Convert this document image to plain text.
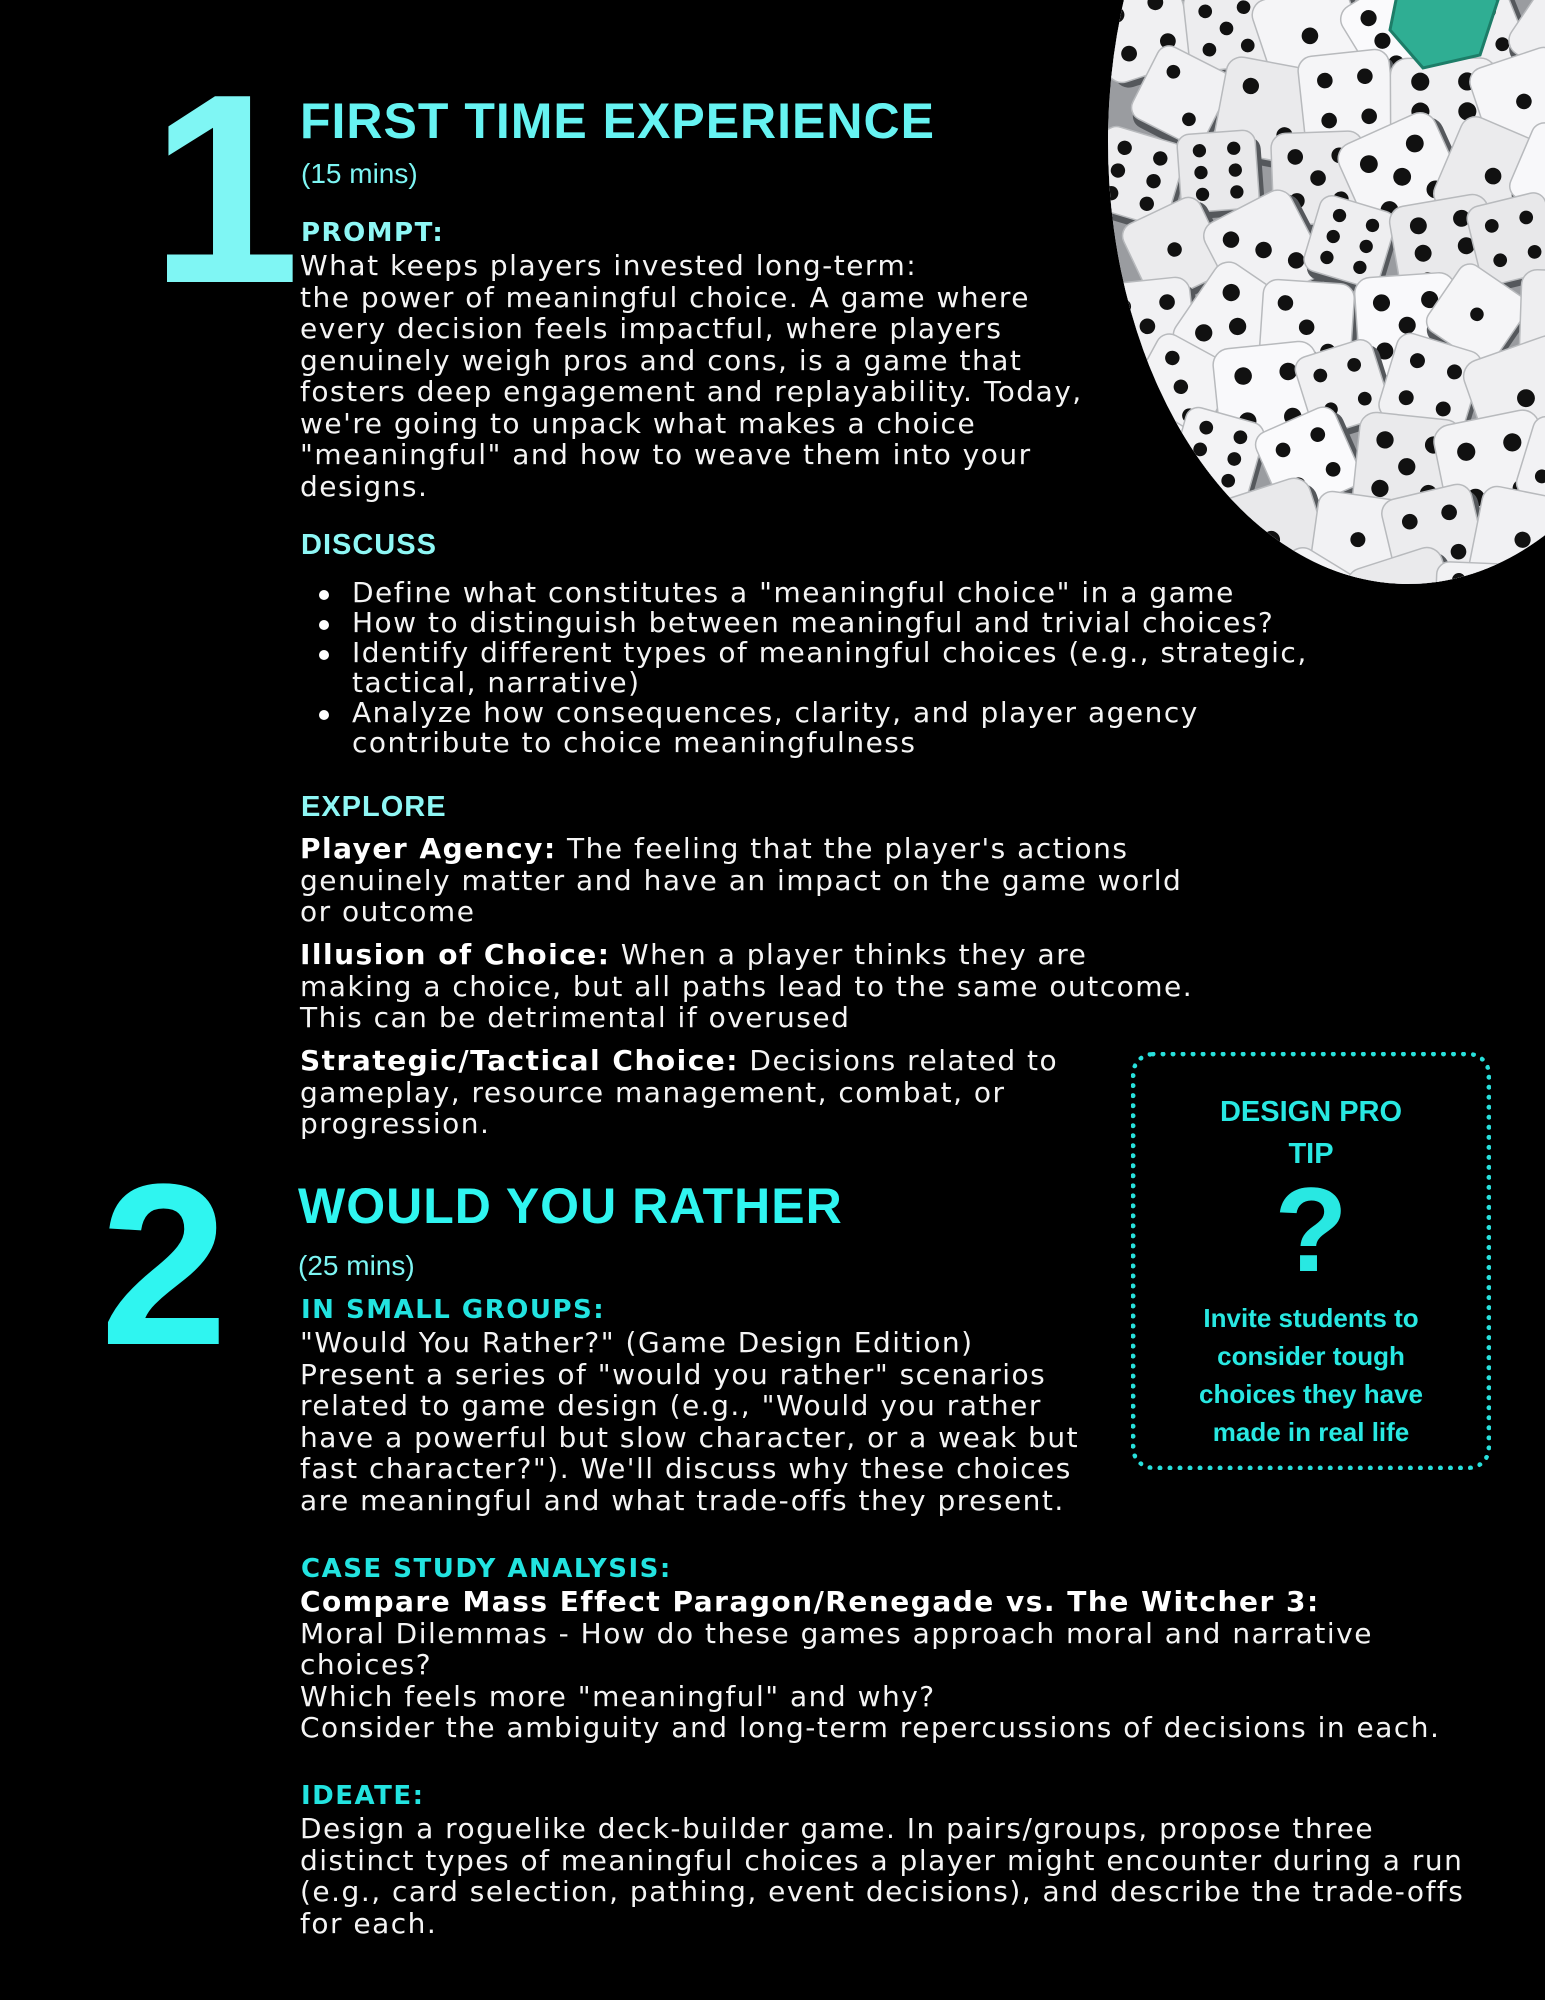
1 FIRST TIME EXPERIENCE
(15 mins)
PROMPT:

What keeps players invested long-term:

the power of meaningful choice. A game where

every decision feels impactful, where players

genuinely weigh pros and cons, is a game that

fosters deep engagement and replayability. Today,

we're going to unpack what makes a choice

"meaningful" and how to weave them into your

designs.

DISCUSS
Define what constitutes a "meaningful choice" in a game
How to distinguish between meaningful and trivial choices?
Identify different types of meaningful choices (e.g., strategic,
tactical, narrative)
Analyze how consequences, clarity, and player agency
contribute to choice meaningfulness
EXPLORE

Player Agency: The feeling that the player's actions

genuinely matter and have an impact on the game world

or outcome

Illusion of Choice: When a player thinks they are

making a choice, but all paths lead to the same outcome.

This can be detrimental if overused

Strategic/Tactical Choice: Decisions related to

gameplay, resource management, combat, or

progression.

2 WOULD YOU RATHER
(25 mins)
IN SMALL GROUPS:

"Would You Rather?" (Game Design Edition)

Present a series of "would you rather" scenarios

related to game design (e.g., "Would you rather

have a powerful but slow character, or a weak but

fast character?"). We'll discuss why these choices

are meaningful and what trade-offs they present.

CASE STUDY ANALYSIS:

Compare Mass Effect Paragon/Renegade vs. The Witcher 3:

Moral Dilemmas - How do these games approach moral and narrative

choices?

Which feels more "meaningful" and why?

Consider the ambiguity and long-term repercussions of decisions in each.

IDEATE:

Design a roguelike deck-builder game. In pairs/groups, propose three

distinct types of meaningful choices a player might encounter during a run

(e.g., card selection, pathing, event decisions), and describe the trade-offs

for each.

DESIGN PRO
TIP
?
Invite students to
consider tough
choices they have
made in real life
